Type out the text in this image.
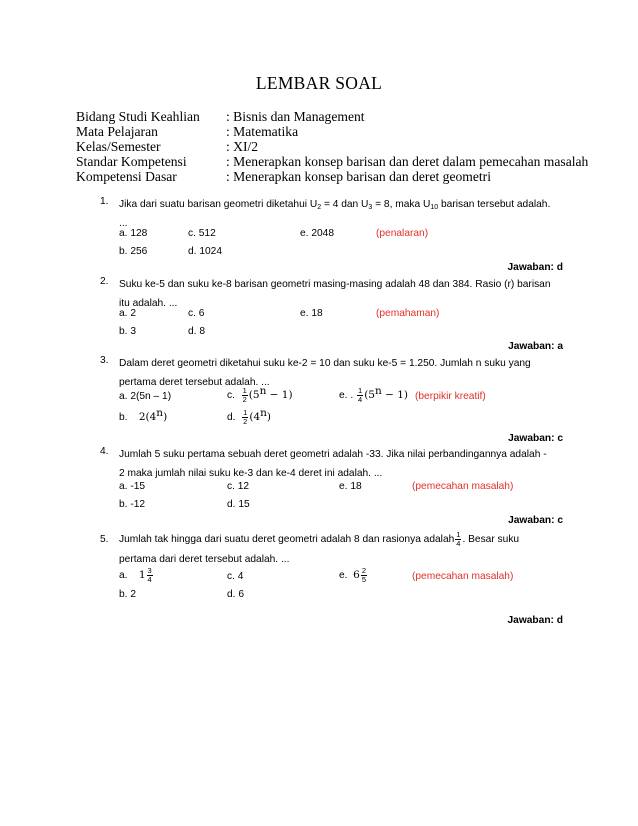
LEMBAR SOAL
Bidang Studi Keahlian : Bisnis dan Management
Mata Pelajaran	: Matematika
Kelas/Semester	: XI/2
Standar Kompetensi	: Menerapkan konsep barisan dan deret dalam pemecahan masalah
Kompetensi Dasar	: Menerapkan konsep barisan dan deret geometri
1.	Jika dari suatu barisan geometri diketahui $U_2 = 4$ dan $U_3 = 8$, maka $U_{10}$ barisan tersebut adalah.
...
a. 128	c. 512	e. 2048	(penalaran)
b. 256	d. 1024
Jawaban: d
2.	Suku ke-5 dan suku ke-8 barisan geometri masing-masing adalah 48 dan 384. Rasio (r) barisan
itu adalah. ...
a. 2	c. 6	e. 18	(pemahaman)
b. 3	d. 8
Jawaban: a
3.	Dalam deret geometri diketahui suku ke-2 = 10 dan suku ke-5 = 1.250. Jumlah n suku yang
pertama deret tersebut adalah. ...
a. 2(5n – 1)	c. $\frac{1}{2} (5^n - 1)$	e. . $\frac{1}{4} (5^n - 1)$ (berpikir kreatif)
b. 2(4$^n$)	d. $\frac{1}{2} (4^n)$
Jawaban: c
4.	Jumlah 5 suku pertama sebuah deret geometri adalah -33. Jika nilai perbandingannya adalah -
2 maka jumlah nilai suku ke-3 dan ke-4 deret ini adalah. ...
a. -15	c. 12	e. 18	(pemecahan masalah)
b. -12	d. 15
Jawaban: c
5.	Jumlah tak hingga dari suatu deret geometri adalah 8 dan rasionya adalah $\frac{1}{4}$ . Besar suku
pertama dari deret tersebut adalah. ...
a. $1 \frac{3}{4}$	c. 4	e. $6 \frac{2}{5}$	(pemecahan masalah)
b. 2	d. 6
Jawaban: d
